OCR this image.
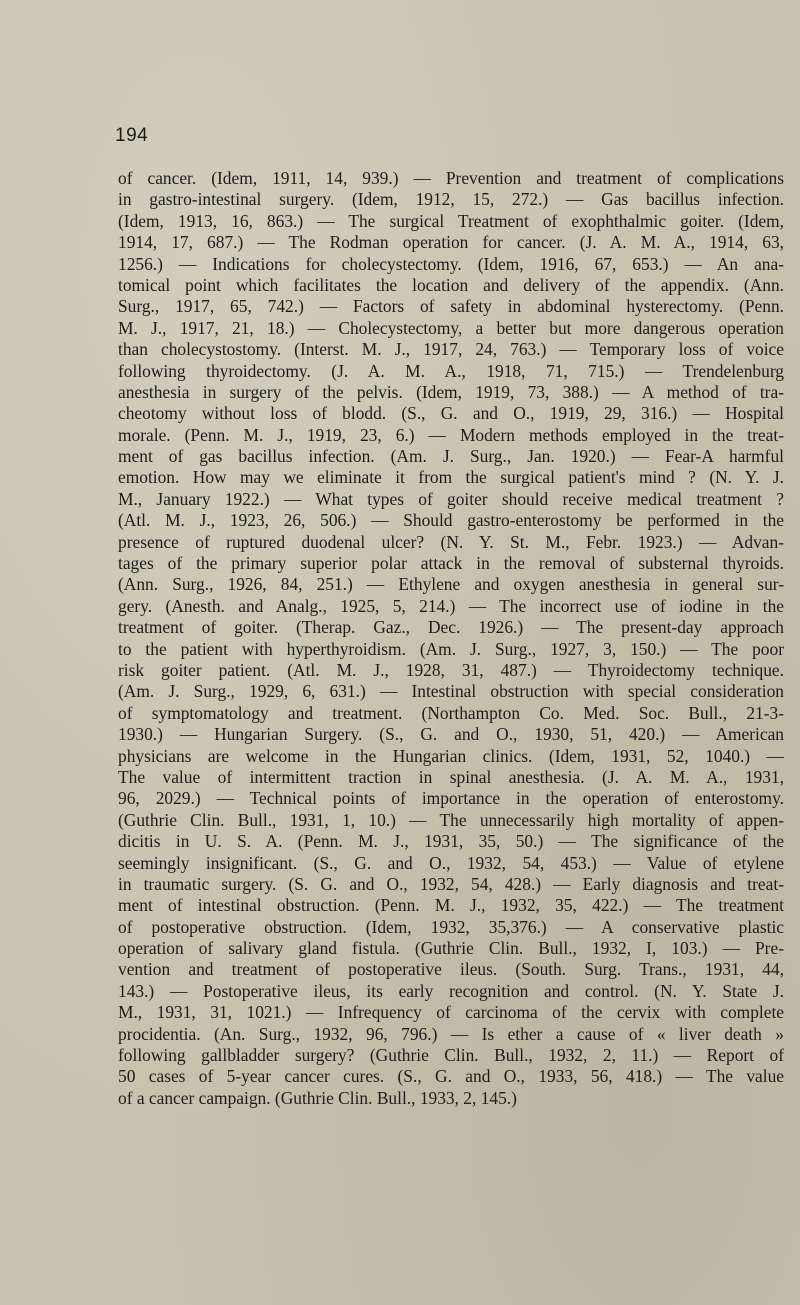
194
of cancer. (Idem, 1911, 14, 939.) — Prevention and treatment of complications
in gastro-intestinal surgery. (Idem, 1912, 15, 272.) — Gas bacillus infection.
(Idem, 1913, 16, 863.) — The surgical Treatment of exophthalmic goiter. (Idem,
1914, 17, 687.) — The Rodman operation for cancer. (J. A. M. A., 1914, 63,
1256.) — Indications for cholecystectomy. (Idem, 1916, 67, 653.) — An ana-
tomical point which facilitates the location and delivery of the appendix. (Ann.
Surg., 1917, 65, 742.) — Factors of safety in abdominal hysterectomy. (Penn.
M. J., 1917, 21, 18.) — Cholecystectomy, a better but more dangerous operation
than cholecystostomy. (Interst. M. J., 1917, 24, 763.) — Temporary loss of voice
following thyroidectomy. (J. A. M. A., 1918, 71, 715.) — Trendelenburg
anesthesia in surgery of the pelvis. (Idem, 1919, 73, 388.) — A method of tra-
cheotomy without loss of blodd. (S., G. and O., 1919, 29, 316.) — Hospital
morale. (Penn. M. J., 1919, 23, 6.) — Modern methods employed in the treat-
ment of gas bacillus infection. (Am. J. Surg., Jan. 1920.) — Fear-A harmful
emotion. How may we eliminate it from the surgical patient's mind ? (N. Y. J.
M., January 1922.) — What types of goiter should receive medical treatment ?
(Atl. M. J., 1923, 26, 506.) — Should gastro-enterostomy be performed in the
presence of ruptured duodenal ulcer? (N. Y. St. M., Febr. 1923.) — Advan-
tages of the primary superior polar attack in the removal of substernal thyroids.
(Ann. Surg., 1926, 84, 251.) — Ethylene and oxygen anesthesia in general sur-
gery. (Anesth. and Analg., 1925, 5, 214.) — The incorrect use of iodine in the
treatment of goiter. (Therap. Gaz., Dec. 1926.) — The present-day approach
to the patient with hyperthyroidism. (Am. J. Surg., 1927, 3, 150.) — The poor
risk goiter patient. (Atl. M. J., 1928, 31, 487.) — Thyroidectomy technique.
(Am. J. Surg., 1929, 6, 631.) — Intestinal obstruction with special consideration
of symptomatology and treatment. (Northampton Co. Med. Soc. Bull., 21-3-
1930.) — Hungarian Surgery. (S., G. and O., 1930, 51, 420.) — American
physicians are welcome in the Hungarian clinics. (Idem, 1931, 52, 1040.) —
The value of intermittent traction in spinal anesthesia. (J. A. M. A., 1931,
96, 2029.) — Technical points of importance in the operation of enterostomy.
(Guthrie Clin. Bull., 1931, 1, 10.) — The unnecessarily high mortality of appen-
dicitis in U. S. A. (Penn. M. J., 1931, 35, 50.) — The significance of the
seemingly insignificant. (S., G. and O., 1932, 54, 453.) — Value of etylene
in traumatic surgery. (S. G. and O., 1932, 54, 428.) — Early diagnosis and treat-
ment of intestinal obstruction. (Penn. M. J., 1932, 35, 422.) — The treatment
of postoperative obstruction. (Idem, 1932, 35,376.) — A conservative plastic
operation of salivary gland fistula. (Guthrie Clin. Bull., 1932, I, 103.) — Pre-
vention and treatment of postoperative ileus. (South. Surg. Trans., 1931, 44,
143.) — Postoperative ileus, its early recognition and control. (N. Y. State J.
M., 1931, 31, 1021.) — Infrequency of carcinoma of the cervix with complete
procidentia. (An. Surg., 1932, 96, 796.) — Is ether a cause of « liver death »
following gallbladder surgery? (Guthrie Clin. Bull., 1932, 2, 11.) — Report of
50 cases of 5-year cancer cures. (S., G. and O., 1933, 56, 418.) — The value
of a cancer campaign. (Guthrie Clin. Bull., 1933, 2, 145.)
